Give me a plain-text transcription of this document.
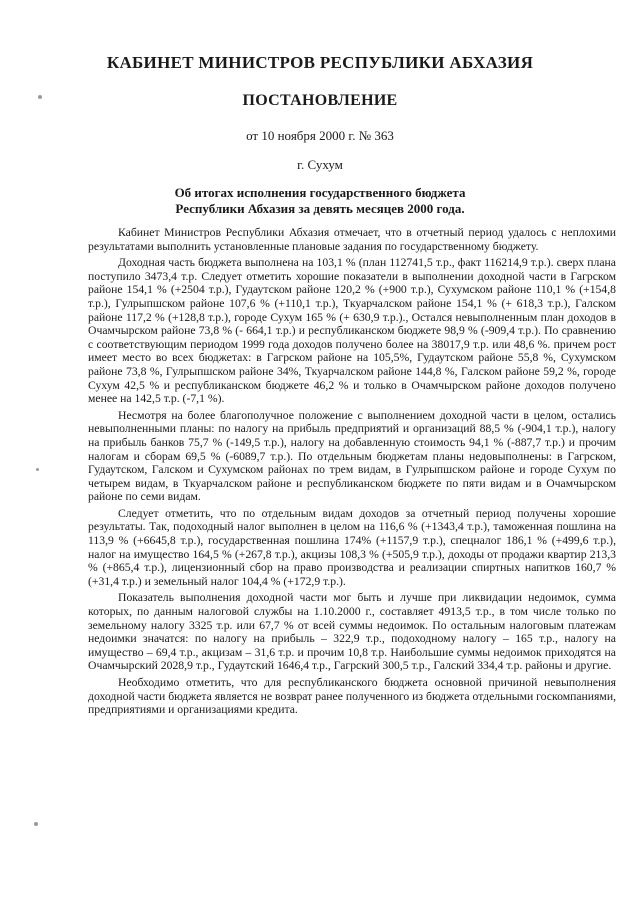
КАБИНЕТ МИНИСТРОВ РЕСПУБЛИКИ АБХАЗИЯ
ПОСТАНОВЛЕНИЕ
от 10 ноября 2000 г. № 363
г. Сухум
Об итогах исполнения государственного бюджета
Республики Абхазия за девять месяцев 2000 года.

Кабинет Министров Республики Абхазия отмечает, что в отчетный период удалось с неплохими результатами выполнить установленные плановые задания по государственному бюджету.

Доходная часть бюджета выполнена на 103,1 % (план 112741,5 т.р., факт 116214,9 т.р.). сверх плана поступило 3473,4 т.р. Следует отметить хорошие показатели в выполнении доходной части в Гагрском районе 154,1 % (+2504 т.р.), Гудаутском районе 120,2 % (+900 т.р.), Сухумском районе 110,1 % (+154,8 т.р.), Гулрыпшском районе 107,6 % (+110,1 т.р.), Ткуарчалском районе 154,1 % (+ 618,3 т.р.), Галском районе 117,2 % (+128,8 т.р.), городе Сухум 165 % (+ 630,9 т.р.)., Остался невыполненным план доходов в Очамчырском районе 73,8 % (- 664,1 т.р.) и республиканском бюджете 98,9 % (-909,4 т.р.). По сравнению с соответствующим периодом 1999 года доходов получено более на 38017,9 т.р. или 48,6 %. причем рост имеет место во всех бюджетах: в Гагрском районе на 105,5%, Гудаутском районе 55,8 %, Сухумском районе 73,8 %, Гулрыпшском районе 34%, Ткуарчалском районе 144,8 %, Галском районе 59,2 %, городе Сухум 42,5 % и республиканском бюджете 46,2 % и только в Очамчырском районе доходов получено менее на 142,5 т.р. (-7,1 %).

Несмотря на более благополучное положение с выполнением доходной части в целом, остались невыполненными планы: по налогу на прибыль предприятий и организаций 88,5 % (-904,1 т.р.), налогу на прибыль банков 75,7 % (-149,5 т.р.), налогу на добавленную стоимость 94,1 % (-887,7 т.р.) и прочим налогам и сборам 69,5 % (-6089,7 т.р.). По отдельным бюджетам планы недовыполнены: в Гагрском, Гудаутском, Галском и Сухумском районах по трем видам, в Гулрыпшском районе и городе Сухум по четырем видам, в Ткуарчалском районе и республиканском бюджете по пяти видам и в Очамчырском районе по семи видам.

Следует отметить, что по отдельным видам доходов за отчетный период получены хорошие результаты. Так, подоходный налог выполнен в целом на 116,6 % (+1343,4 т.р.), таможенная пошлина на 113,9 % (+6645,8 т.р.), государственная пошлина 174% (+1157,9 т.р.), спецналог 186,1 % (+499,6 т.р.), налог на имущество 164,5 % (+267,8 т.р.), акцизы 108,3 % (+505,9 т.р.), доходы от продажи квартир 213,3 % (+865,4 т.р.), лицензионный сбор на право производства и реализации спиртных напитков 160,7 % (+31,4 т.р.) и земельный налог 104,4 % (+172,9 т.р.).

Показатель выполнения доходной части мог быть и лучше при ликвидации недоимок, сумма которых, по данным налоговой службы на 1.10.2000 г., составляет 4913,5 т.р., в том числе только по земельному налогу 3325 т.р. или 67,7 % от всей суммы недоимок. По остальным налоговым платежам недоимки значатся: по налогу на прибыль – 322,9 т.р., подоходному налогу – 165 т.р., налогу на имущество – 69,4 т.р., акцизам – 31,6 т.р. и прочим 10,8 т.р. Наибольшие суммы недоимок приходятся на Очамчырский 2028,9 т.р., Гудаутский 1646,4 т.р., Гагрский 300,5 т.р., Галский 334,4 т.р. районы и другие.

Необходимо отметить, что для республиканского бюджета основной причиной невыполнения доходной части бюджета является не возврат ранее полученного из бюджета отдельными госкомпаниями, предприятиями и организациями кредита.
